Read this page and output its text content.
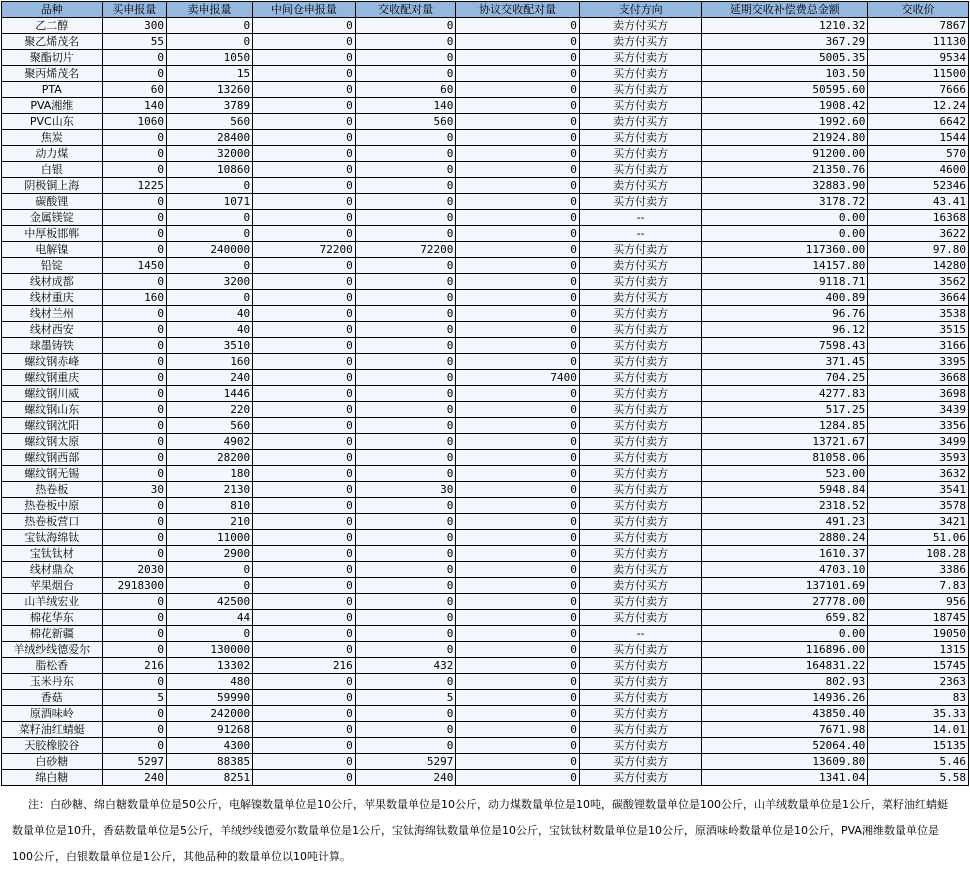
品种	买申报量	卖申报量	中间仓申报量	交收配对量	协议交收配对量	支付方向	延期交收补偿费总金额	交收价
乙二醇	300	0	0	0	0	卖方付买方	1210.32	7867
聚乙烯茂名	55	0	0	0	0	卖方付买方	367.29	11130
聚酯切片	0	1050	0	0	0	买方付卖方	5005.35	9534
聚丙烯茂名	0	15	0	0	0	买方付卖方	103.50	11500
PTA	60	13260	0	60	0	买方付卖方	50595.60	7666
PVA湘维	140	3789	0	140	0	买方付卖方	1908.42	12.24
PVC山东	1060	560	0	560	0	卖方付买方	1992.60	6642
焦炭	0	28400	0	0	0	买方付卖方	21924.80	1544
动力煤	0	32000	0	0	0	买方付卖方	91200.00	570
白银	0	10860	0	0	0	买方付卖方	21350.76	4600
阴极铜上海	1225	0	0	0	0	卖方付买方	32883.90	52346
碳酸锂	0	1071	0	0	0	买方付卖方	3178.72	43.41
金属镁锭	0	0	0	0	0	--	0.00	16368
中厚板邯郸	0	0	0	0	0	--	0.00	3622
电解镍	0	240000	72200	72200	0	买方付卖方	117360.00	97.80
铅锭	1450	0	0	0	0	卖方付买方	14157.80	14280
线材成都	0	3200	0	0	0	买方付卖方	9118.71	3562
线材重庆	160	0	0	0	0	卖方付买方	400.89	3664
线材兰州	0	40	0	0	0	买方付卖方	96.76	3538
线材西安	0	40	0	0	0	买方付卖方	96.12	3515
球墨铸铁	0	3510	0	0	0	买方付卖方	7598.43	3166
螺纹钢赤峰	0	160	0	0	0	买方付卖方	371.45	3395
螺纹钢重庆	0	240	0	0	7400	买方付卖方	704.25	3668
螺纹钢川威	0	1446	0	0	0	买方付卖方	4277.83	3698
螺纹钢山东	0	220	0	0	0	买方付卖方	517.25	3439
螺纹钢沈阳	0	560	0	0	0	买方付卖方	1284.85	3356
螺纹钢太原	0	4902	0	0	0	买方付卖方	13721.67	3499
螺纹钢西部	0	28200	0	0	0	买方付卖方	81058.06	3593
螺纹钢无锡	0	180	0	0	0	买方付卖方	523.00	3632
热卷板	30	2130	0	30	0	买方付卖方	5948.84	3541
热卷板中原	0	810	0	0	0	买方付卖方	2318.52	3578
热卷板营口	0	210	0	0	0	买方付卖方	491.23	3421
宝钛海绵钛	0	11000	0	0	0	买方付卖方	2880.24	51.06
宝钛钛材	0	2900	0	0	0	买方付卖方	1610.37	108.28
线材鼎众	2030	0	0	0	0	卖方付买方	4703.10	3386
苹果烟台	2918300	0	0	0	0	卖方付买方	137101.69	7.83
山羊绒宏业	0	42500	0	0	0	买方付卖方	27778.00	956
棉花华东	0	44	0	0	0	买方付卖方	659.82	18745
棉花新疆	0	0	0	0	0	--	0.00	19050
羊绒纱线德爱尔	0	130000	0	0	0	买方付卖方	116896.00	1315
脂松香	216	13302	216	432	0	买方付卖方	164831.22	15745
玉米丹东	0	480	0	0	0	买方付卖方	802.93	2363
香菇	5	59990	0	5	0	买方付卖方	14936.26	83
原酒味岭	0	242000	0	0	0	买方付卖方	43850.40	35.33
菜籽油红蜻蜓	0	91268	0	0	0	买方付卖方	7671.98	14.01
天胶橡胶谷	0	4300	0	0	0	买方付卖方	52064.40	15135
白砂糖	5297	88385	0	5297	0	买方付卖方	13609.80	5.46
绵白糖	240	8251	0	240	0	买方付卖方	1341.04	5.58
注：白砂糖、绵白糖数量单位是50公斤，电解镍数量单位是10公斤，苹果数量单位是10公斤，动力煤数量单位是10吨，碳酸锂数量单位是100公斤，山羊绒数量单位是1公斤，菜籽油红蜻蜓数量单位是10升，香菇数量单位是5公斤，羊绒纱线德爱尔数量单位是1公斤，宝钛海绵钛数量单位是10公斤，宝钛钛材数量单位是10公斤，原酒味岭数量单位是10公斤，PVA湘维数量单位是100公斤，白银数量单位是1公斤，其他品种的数量单位以10吨计算。
